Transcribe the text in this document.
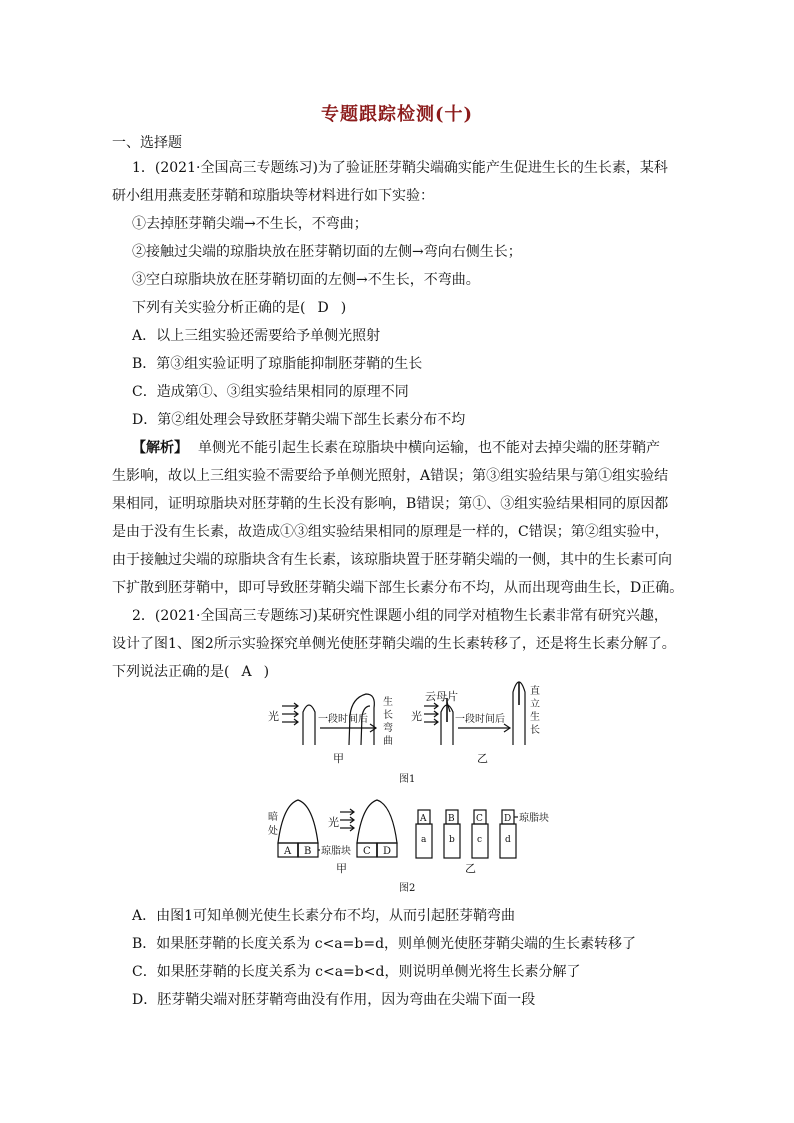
专题跟踪检测(十)
一、选择题
1．(2021·全国高三专题练习)为了验证胚芽鞘尖端确实能产生促进生长的生长素，某科
研小组用燕麦胚芽鞘和琼脂块等材料进行如下实验：
①去掉胚芽鞘尖端→不生长，不弯曲；
②接触过尖端的琼脂块放在胚芽鞘切面的左侧→弯向右侧生长；
③空白琼脂块放在胚芽鞘切面的左侧→不生长，不弯曲。
下列有关实验分析正确的是( D )
A．以上三组实验还需要给予单侧光照射
B．第③组实验证明了琼脂能抑制胚芽鞘的生长
C．造成第①、③组实验结果相同的原理不同
D．第②组处理会导致胚芽鞘尖端下部生长素分布不均
【解析】 单侧光不能引起生长素在琼脂块中横向运输，也不能对去掉尖端的胚芽鞘产
生影响，故以上三组实验不需要给予单侧光照射，A错误；第③组实验结果与第①组实验结
果相同，证明琼脂块对胚芽鞘的生长没有影响，B错误；第①、③组实验结果相同的原因都
是由于没有生长素，故造成①③组实验结果相同的原理是一样的，C错误；第②组实验中，
由于接触过尖端的琼脂块含有生长素，该琼脂块置于胚芽鞘尖端的一侧，其中的生长素可向
下扩散到胚芽鞘中，即可导致胚芽鞘尖端下部生长素分布不均，从而出现弯曲生长，D正确。
2．(2021·全国高三专题练习)某研究性课题小组的同学对植物生长素非常有研究兴趣，
设计了图1、图2所示实验探究单侧光使胚芽鞘尖端的生长素转移了，还是将生长素分解了。
下列说法正确的是( A )
光	一段时间后
生
长
弯
曲
甲
云母片
光	一段时间后
直
立
生
长
乙
图1
暗
处
A B 琼脂块
光
C D
甲
A
a
B
b
C
c
D
d
琼脂块
乙
图2
A．由图1可知单侧光使生长素分布不均，从而引起胚芽鞘弯曲
B．如果胚芽鞘的长度关系为 c<a=b=d，则单侧光使胚芽鞘尖端的生长素转移了
C．如果胚芽鞘的长度关系为 c<a=b<d，则说明单侧光将生长素分解了
D．胚芽鞘尖端对胚芽鞘弯曲没有作用，因为弯曲在尖端下面一段
